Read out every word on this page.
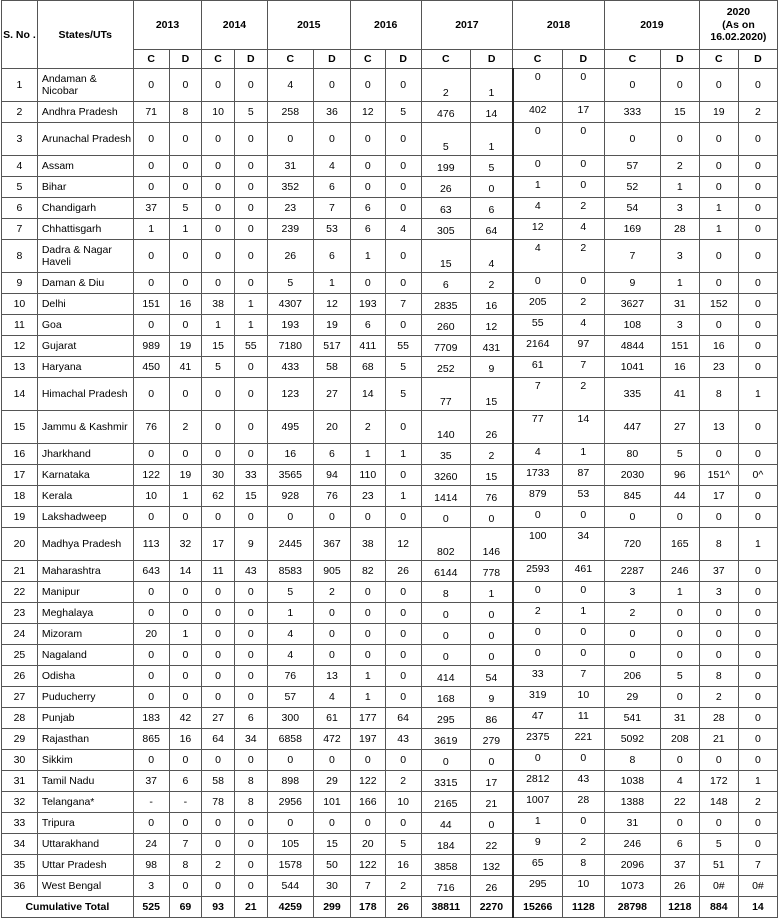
S. No .	States/UTs	2013		2014		2015		2016		2017		2018		2019		2020
(As on 16.02.2020)	

		C	D	C	D	C	D	C	D	C	D	C	D	C	D	C	D
1	Andaman & Nicobar	0	0	0	0	4	0	0	0	2	1	0	0	0	0	0	0
2	Andhra Pradesh	71	8	10	5	258	36	12	5	476	14	402	17	333	15	19	2
3	Arunachal Pradesh	0	0	0	0	0	0	0	0	5	1	0	0	0	0	0	0
4	Assam	0	0	0	0	31	4	0	0	199	5	0	0	57	2	0	0
5	Bihar	0	0	0	0	352	6	0	0	26	0	1	0	52	1	0	0
6	Chandigarh	37	5	0	0	23	7	6	0	63	6	4	2	54	3	1	0
7	Chhattisgarh	1	1	0	0	239	53	6	4	305	64	12	4	169	28	1	0
8	Dadra & Nagar Haveli	0	0	0	0	26	6	1	0	15	4	4	2	7	3	0	0
9	Daman & Diu	0	0	0	0	5	1	0	0	6	2	0	0	9	1	0	0
10	Delhi	151	16	38	1	4307	12	193	7	2835	16	205	2	3627	31	152	0
11	Goa	0	0	1	1	193	19	6	0	260	12	55	4	108	3	0	0
12	Gujarat	989	19	15	55	7180	517	411	55	7709	431	2164	97	4844	151	16	0
13	Haryana	450	41	5	0	433	58	68	5	252	9	61	7	1041	16	23	0
14	Himachal Pradesh	0	0	0	0	123	27	14	5	77	15	7	2	335	41	8	1
15	Jammu & Kashmir	76	2	0	0	495	20	2	0	140	26	77	14	447	27	13	0
16	Jharkhand	0	0	0	0	16	6	1	1	35	2	4	1	80	5	0	0
17	Karnataka	122	19	30	33	3565	94	110	0	3260	15	1733	87	2030	96	151^	0^
18	Kerala	10	1	62	15	928	76	23	1	1414	76	879	53	845	44	17	0
19	Lakshadweep	0	0	0	0	0	0	0	0	0	0	0	0	0	0	0	0
20	Madhya Pradesh	113	32	17	9	2445	367	38	12	802	146	100	34	720	165	8	1
21	Maharashtra	643	14	11	43	8583	905	82	26	6144	778	2593	461	2287	246	37	0
22	Manipur	0	0	0	0	5	2	0	0	8	1	0	0	3	1	3	0
23	Meghalaya	0	0	0	0	1	0	0	0	0	0	2	1	2	0	0	0
24	Mizoram	20	1	0	0	4	0	0	0	0	0	0	0	0	0	0	0
25	Nagaland	0	0	0	0	4	0	0	0	0	0	0	0	0	0	0	0
26	Odisha	0	0	0	0	76	13	1	0	414	54	33	7	206	5	8	0
27	Puducherry	0	0	0	0	57	4	1	0	168	9	319	10	29	0	2	0
28	Punjab	183	42	27	6	300	61	177	64	295	86	47	11	541	31	28	0
29	Rajasthan	865	16	64	34	6858	472	197	43	3619	279	2375	221	5092	208	21	0
30	Sikkim	0	0	0	0	0	0	0	0	0	0	0	0	8	0	0	0
31	Tamil Nadu	37	6	58	8	898	29	122	2	3315	17	2812	43	1038	4	172	1
32	Telangana*	-	-	78	8	2956	101	166	10	2165	21	1007	28	1388	22	148	2
33	Tripura	0	0	0	0	0	0	0	0	44	0	1	0	31	0	0	0
34	Uttarakhand	24	7	0	0	105	15	20	5	184	22	9	2	246	6	5	0
35	Uttar Pradesh	98	8	2	0	1578	50	122	16	3858	132	65	8	2096	37	51	7
36	West Bengal	3	0	0	0	544	30	7	2	716	26	295	10	1073	26	0#	0#
Cumulative Total		525	69	93	21	4259	299	178	26	38811	2270	15266	1128	28798	1218	884	14
